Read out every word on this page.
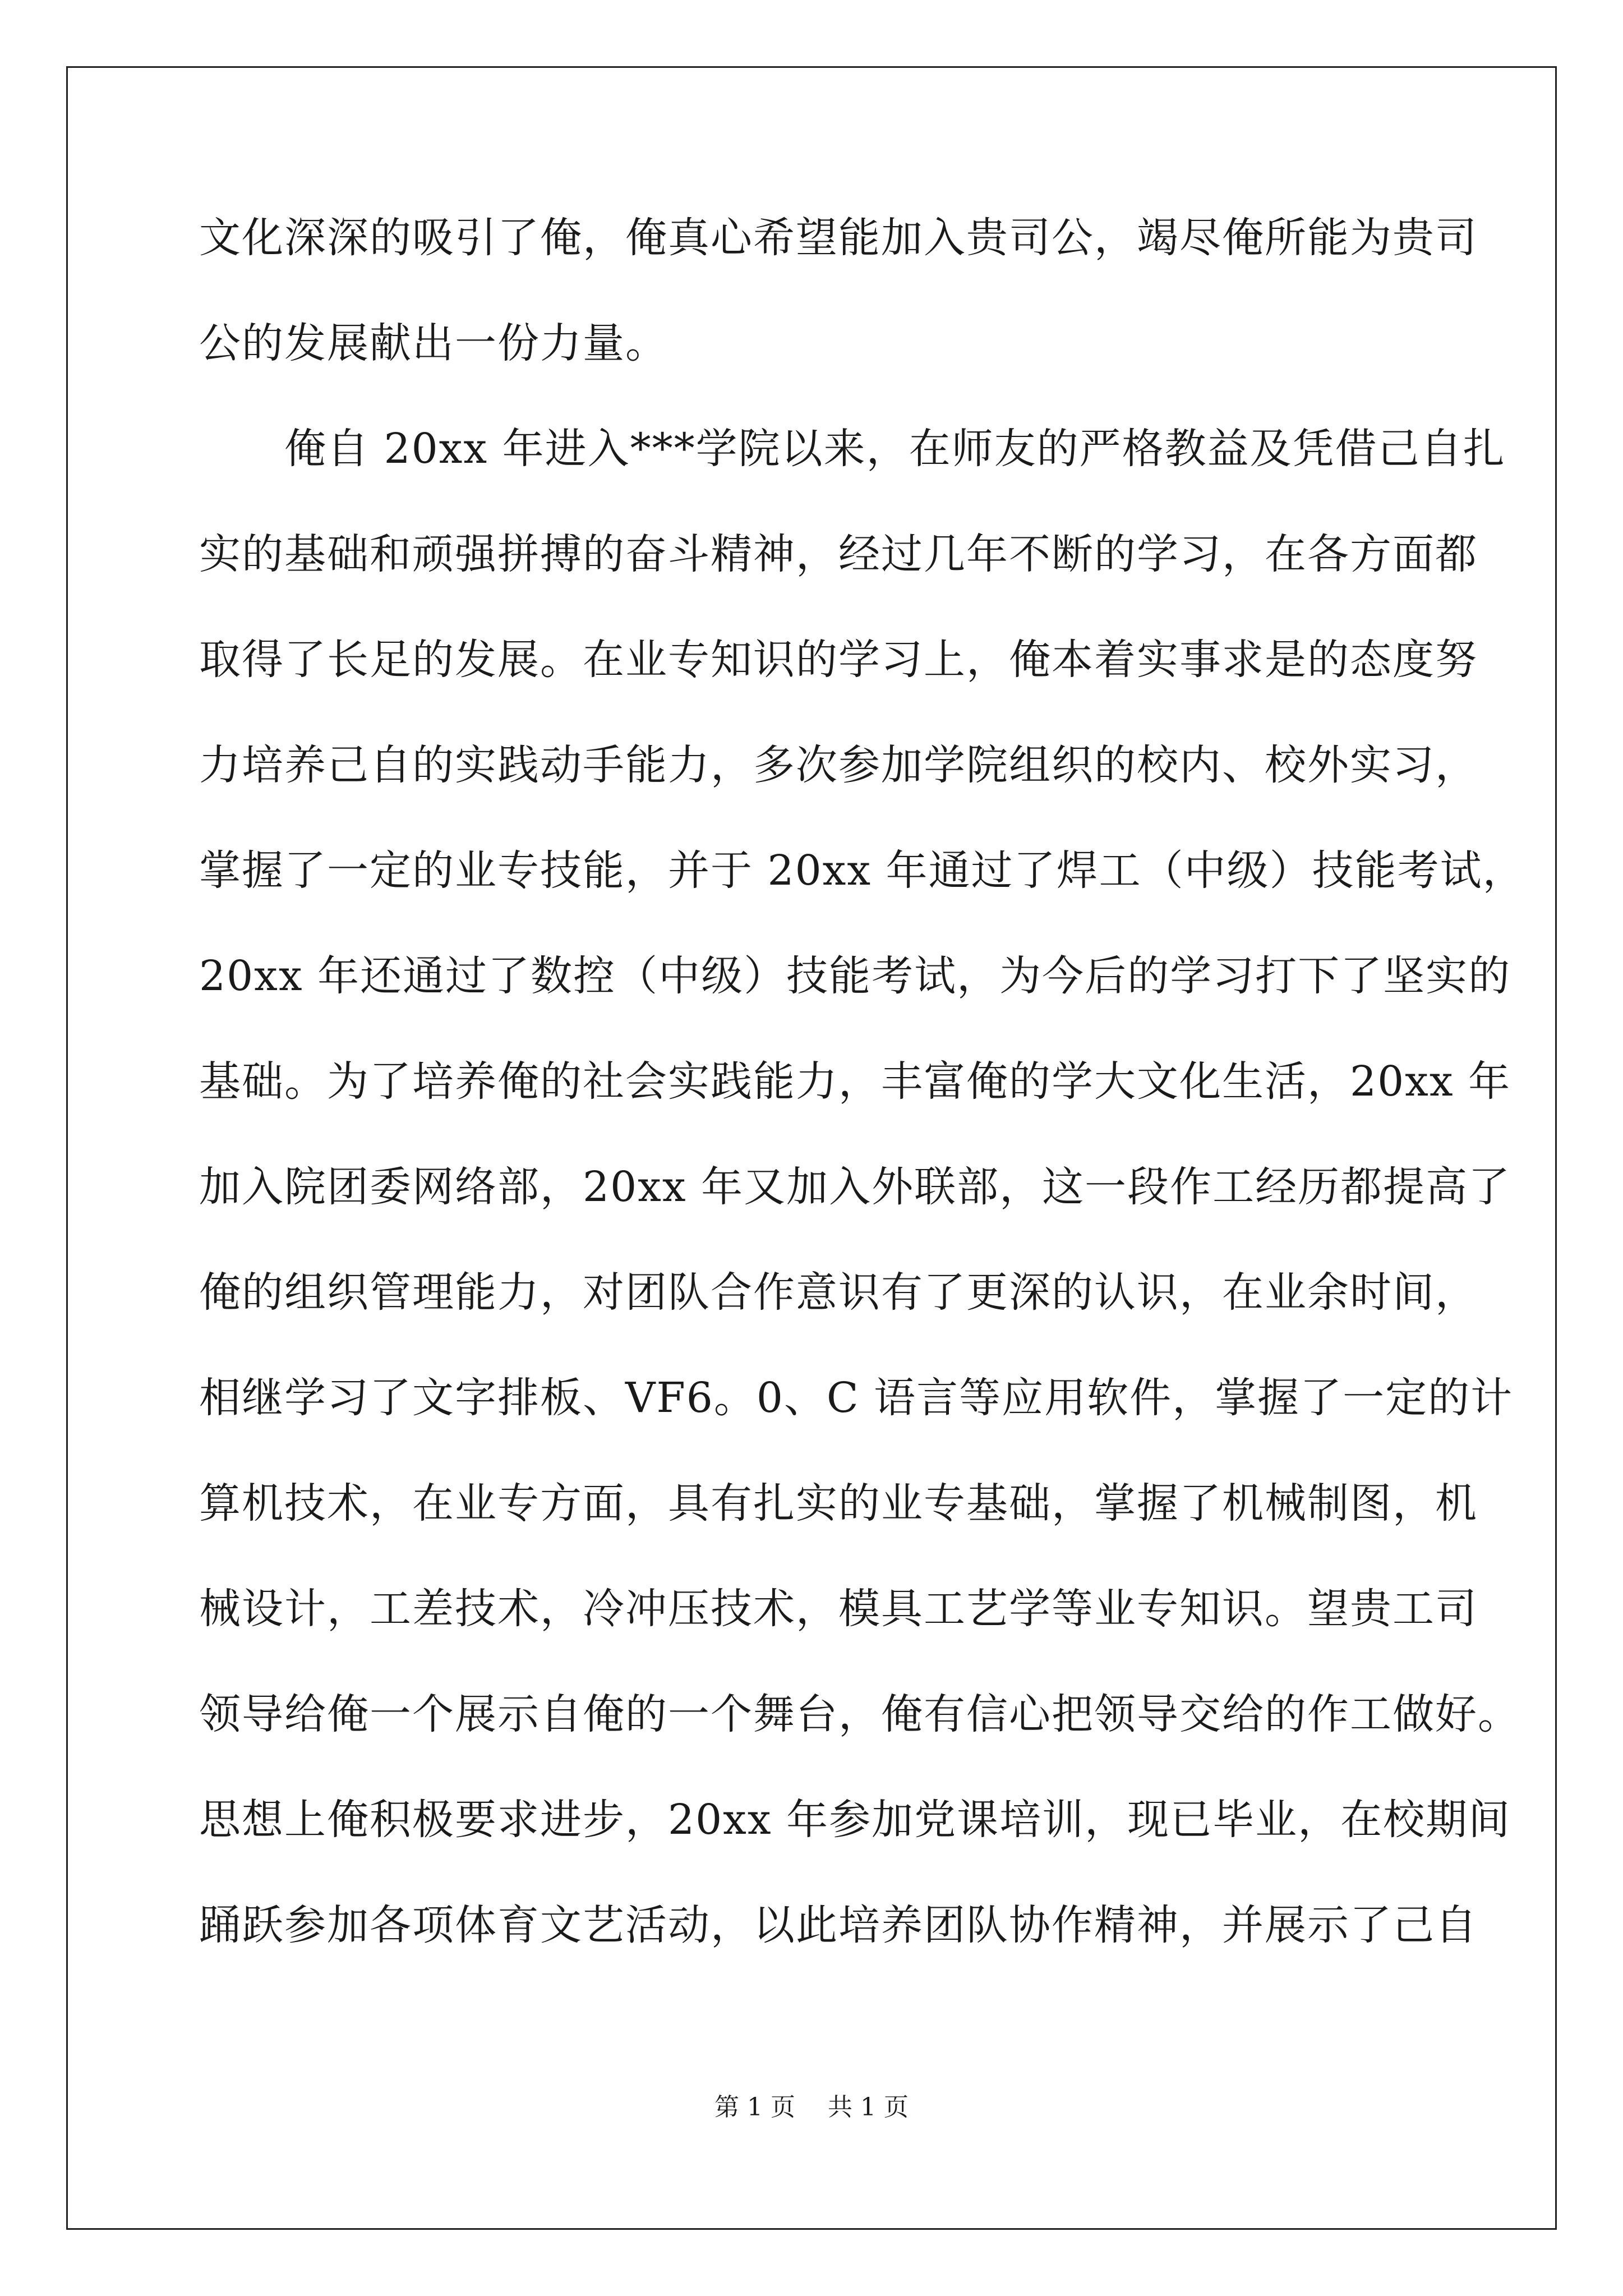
文化深深的吸引了俺，俺真心希望能加入贵司公，竭尽俺所能为贵司
公的发展献出一份力量。
　　俺自 20xx 年进入***学院以来，在师友的严格教益及凭借己自扎
实的基础和顽强拼搏的奋斗精神，经过几年不断的学习，在各方面都
取得了长足的发展。在业专知识的学习上，俺本着实事求是的态度努
力培养己自的实践动手能力，多次参加学院组织的校内、校外实习，
掌握了一定的业专技能，并于 20xx 年通过了焊工（中级）技能考试，
20xx 年还通过了数控（中级）技能考试，为今后的学习打下了坚实的
基础。为了培养俺的社会实践能力，丰富俺的学大文化生活，20xx 年
加入院团委网络部，20xx 年又加入外联部，这一段作工经历都提高了
俺的组织管理能力，对团队合作意识有了更深的认识，在业余时间，
相继学习了文字排板、VF6。0、C 语言等应用软件，掌握了一定的计
算机技术，在业专方面，具有扎实的业专基础，掌握了机械制图，机
械设计，工差技术，冷冲压技术，模具工艺学等业专知识。望贵工司
领导给俺一个展示自俺的一个舞台，俺有信心把领导交给的作工做好。
思想上俺积极要求进步，20xx 年参加党课培训，现已毕业，在校期间
踊跃参加各项体育文艺活动，以此培养团队协作精神，并展示了己自
第 1 页　 共 1 页
